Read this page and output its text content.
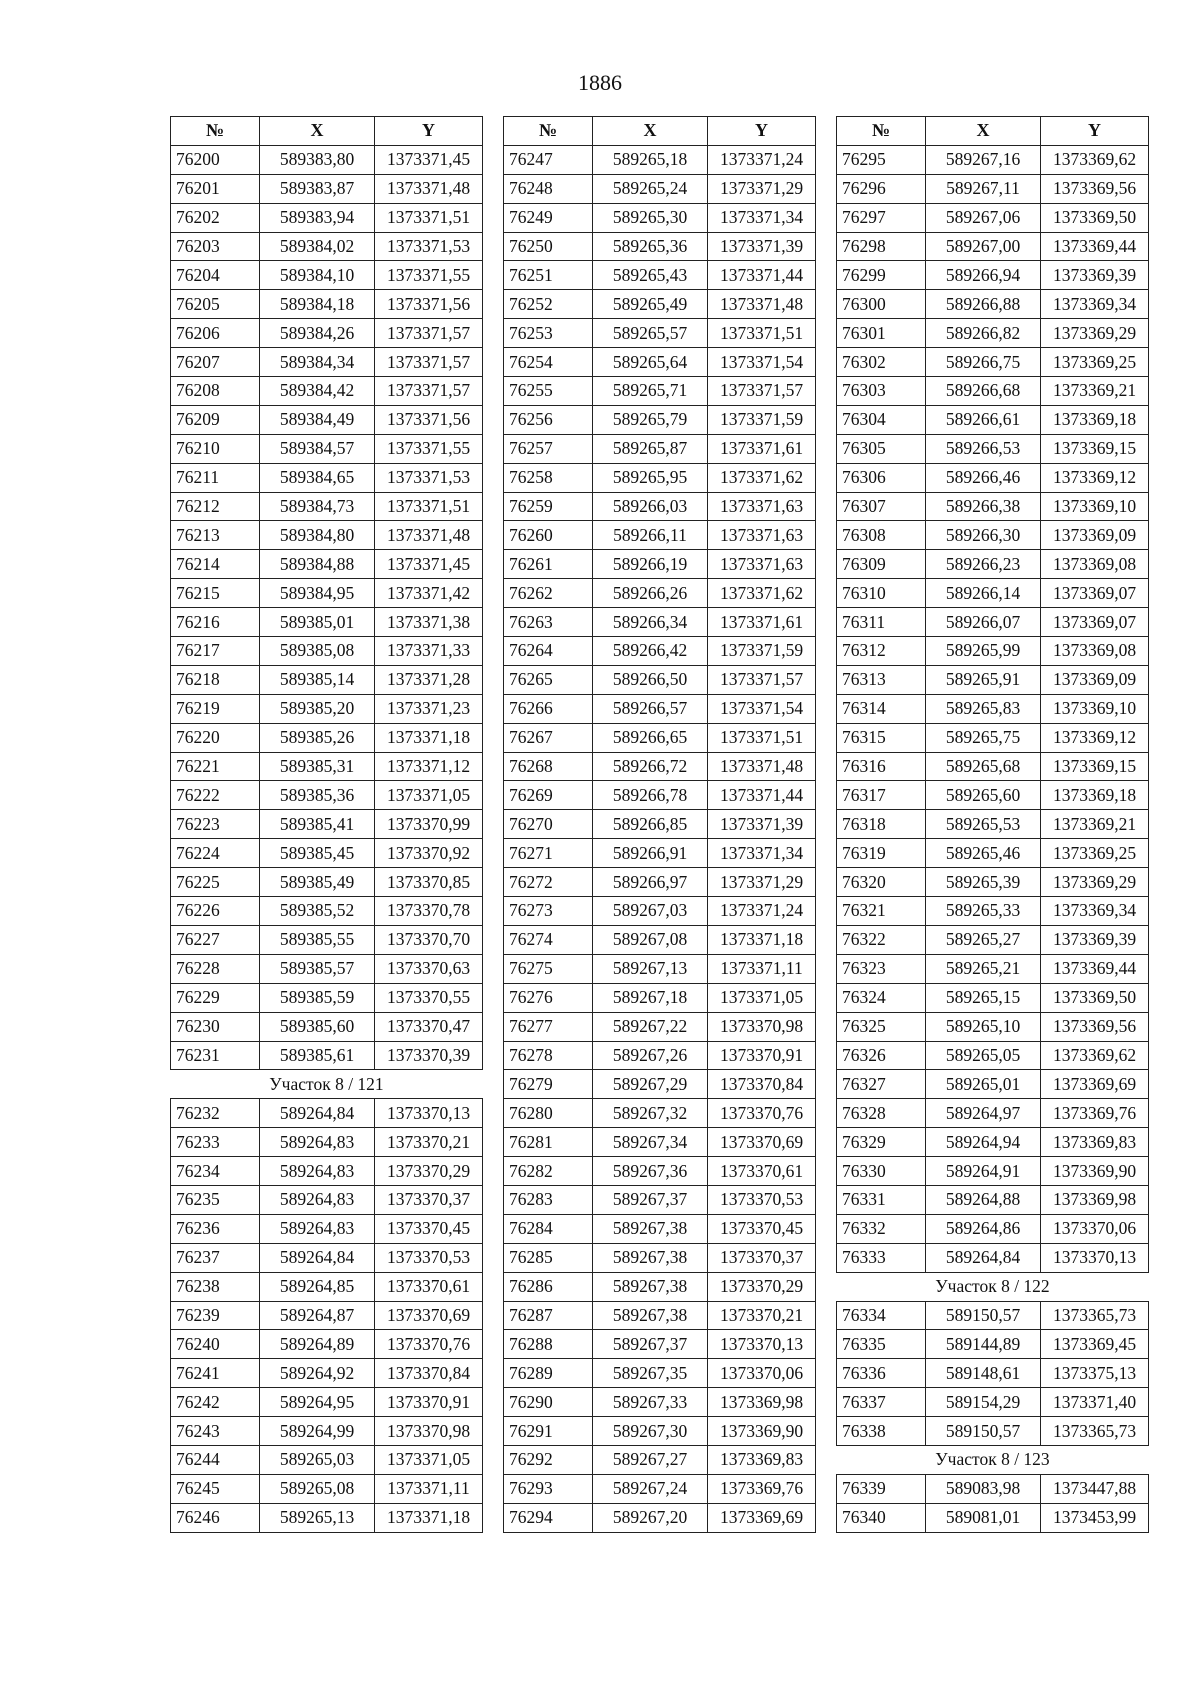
1886
№	X	Y
76200	589383,80	1373371,45
76201	589383,87	1373371,48
76202	589383,94	1373371,51
76203	589384,02	1373371,53
76204	589384,10	1373371,55
76205	589384,18	1373371,56
76206	589384,26	1373371,57
76207	589384,34	1373371,57
76208	589384,42	1373371,57
76209	589384,49	1373371,56
76210	589384,57	1373371,55
76211	589384,65	1373371,53
76212	589384,73	1373371,51
76213	589384,80	1373371,48
76214	589384,88	1373371,45
76215	589384,95	1373371,42
76216	589385,01	1373371,38
76217	589385,08	1373371,33
76218	589385,14	1373371,28
76219	589385,20	1373371,23
76220	589385,26	1373371,18
76221	589385,31	1373371,12
76222	589385,36	1373371,05
76223	589385,41	1373370,99
76224	589385,45	1373370,92
76225	589385,49	1373370,85
76226	589385,52	1373370,78
76227	589385,55	1373370,70
76228	589385,57	1373370,63
76229	589385,59	1373370,55
76230	589385,60	1373370,47
76231	589385,61	1373370,39
Участок 8 / 121		
76232	589264,84	1373370,13
76233	589264,83	1373370,21
76234	589264,83	1373370,29
76235	589264,83	1373370,37
76236	589264,83	1373370,45
76237	589264,84	1373370,53
76238	589264,85	1373370,61
76239	589264,87	1373370,69
76240	589264,89	1373370,76
76241	589264,92	1373370,84
76242	589264,95	1373370,91
76243	589264,99	1373370,98
76244	589265,03	1373371,05
76245	589265,08	1373371,11
76246	589265,13	1373371,18
№	X	Y
76247	589265,18	1373371,24
76248	589265,24	1373371,29
76249	589265,30	1373371,34
76250	589265,36	1373371,39
76251	589265,43	1373371,44
76252	589265,49	1373371,48
76253	589265,57	1373371,51
76254	589265,64	1373371,54
76255	589265,71	1373371,57
76256	589265,79	1373371,59
76257	589265,87	1373371,61
76258	589265,95	1373371,62
76259	589266,03	1373371,63
76260	589266,11	1373371,63
76261	589266,19	1373371,63
76262	589266,26	1373371,62
76263	589266,34	1373371,61
76264	589266,42	1373371,59
76265	589266,50	1373371,57
76266	589266,57	1373371,54
76267	589266,65	1373371,51
76268	589266,72	1373371,48
76269	589266,78	1373371,44
76270	589266,85	1373371,39
76271	589266,91	1373371,34
76272	589266,97	1373371,29
76273	589267,03	1373371,24
76274	589267,08	1373371,18
76275	589267,13	1373371,11
76276	589267,18	1373371,05
76277	589267,22	1373370,98
76278	589267,26	1373370,91
76279	589267,29	1373370,84
76280	589267,32	1373370,76
76281	589267,34	1373370,69
76282	589267,36	1373370,61
76283	589267,37	1373370,53
76284	589267,38	1373370,45
76285	589267,38	1373370,37
76286	589267,38	1373370,29
76287	589267,38	1373370,21
76288	589267,37	1373370,13
76289	589267,35	1373370,06
76290	589267,33	1373369,98
76291	589267,30	1373369,90
76292	589267,27	1373369,83
76293	589267,24	1373369,76
76294	589267,20	1373369,69
№	X	Y
76295	589267,16	1373369,62
76296	589267,11	1373369,56
76297	589267,06	1373369,50
76298	589267,00	1373369,44
76299	589266,94	1373369,39
76300	589266,88	1373369,34
76301	589266,82	1373369,29
76302	589266,75	1373369,25
76303	589266,68	1373369,21
76304	589266,61	1373369,18
76305	589266,53	1373369,15
76306	589266,46	1373369,12
76307	589266,38	1373369,10
76308	589266,30	1373369,09
76309	589266,23	1373369,08
76310	589266,14	1373369,07
76311	589266,07	1373369,07
76312	589265,99	1373369,08
76313	589265,91	1373369,09
76314	589265,83	1373369,10
76315	589265,75	1373369,12
76316	589265,68	1373369,15
76317	589265,60	1373369,18
76318	589265,53	1373369,21
76319	589265,46	1373369,25
76320	589265,39	1373369,29
76321	589265,33	1373369,34
76322	589265,27	1373369,39
76323	589265,21	1373369,44
76324	589265,15	1373369,50
76325	589265,10	1373369,56
76326	589265,05	1373369,62
76327	589265,01	1373369,69
76328	589264,97	1373369,76
76329	589264,94	1373369,83
76330	589264,91	1373369,90
76331	589264,88	1373369,98
76332	589264,86	1373370,06
76333	589264,84	1373370,13
Участок 8 / 122		
76334	589150,57	1373365,73
76335	589144,89	1373369,45
76336	589148,61	1373375,13
76337	589154,29	1373371,40
76338	589150,57	1373365,73
Участок 8 / 123		
76339	589083,98	1373447,88
76340	589081,01	1373453,99
